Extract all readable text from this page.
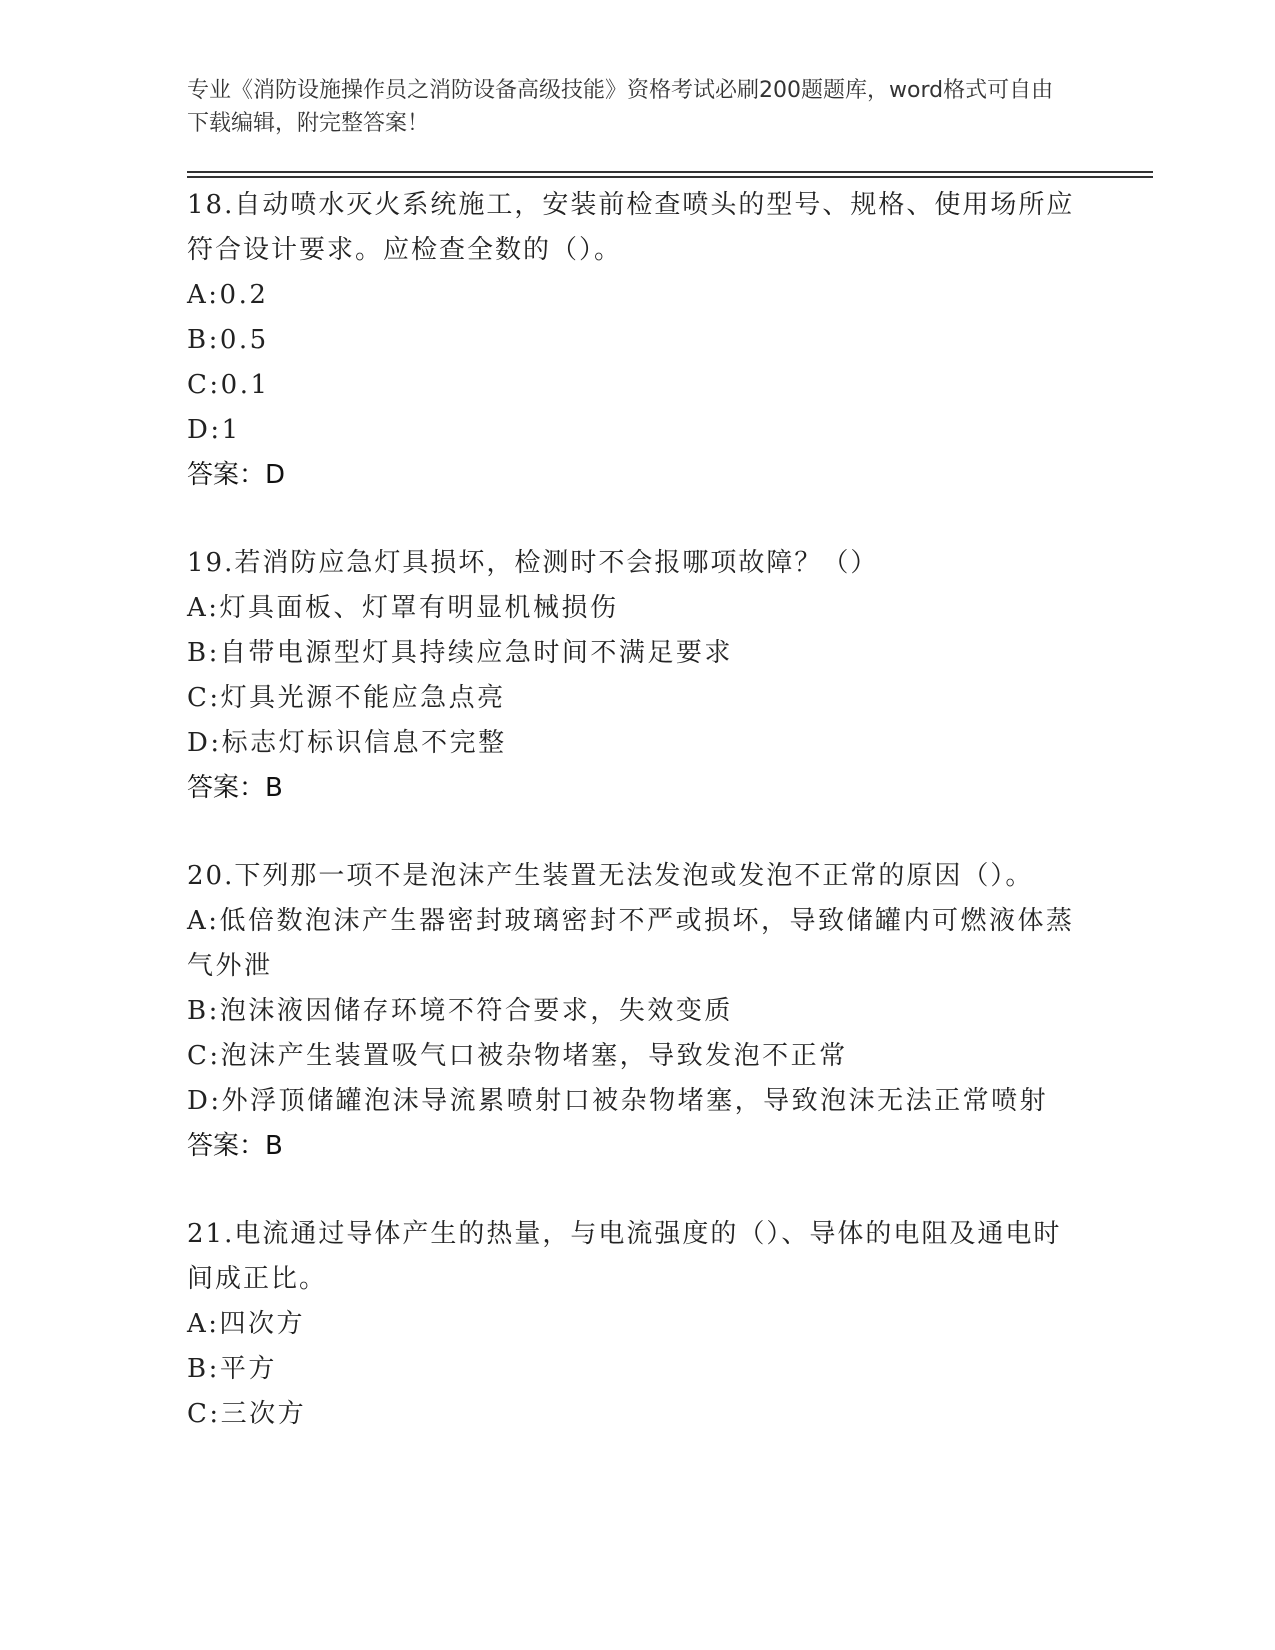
专业《消防设施操作员之消防设备高级技能》资格考试必刷200题题库，word格式可自由下载编辑，附完整答案！

18.自动喷水灭火系统施工，安装前检查喷头的型号、规格、使用场所应符合设计要求。应检查全数的（）。

A:0.2

B:0.5

C:0.1

D:1

答案：D

19.若消防应急灯具损坏，检测时不会报哪项故障？（）

A:灯具面板、灯罩有明显机械损伤

B:自带电源型灯具持续应急时间不满足要求

C:灯具光源不能应急点亮

D:标志灯标识信息不完整

答案：B

20.下列那一项不是泡沫产生装置无法发泡或发泡不正常的原因（）。

A:低倍数泡沫产生器密封玻璃密封不严或损坏，导致储罐内可燃液体蒸气外泄

B:泡沫液因储存环境不符合要求，失效变质

C:泡沫产生装置吸气口被杂物堵塞，导致发泡不正常

D:外浮顶储罐泡沫导流累喷射口被杂物堵塞，导致泡沫无法正常喷射

答案：B

21.电流通过导体产生的热量，与电流强度的（）、导体的电阻及通电时间成正比。

A:四次方

B:平方

C:三次方
